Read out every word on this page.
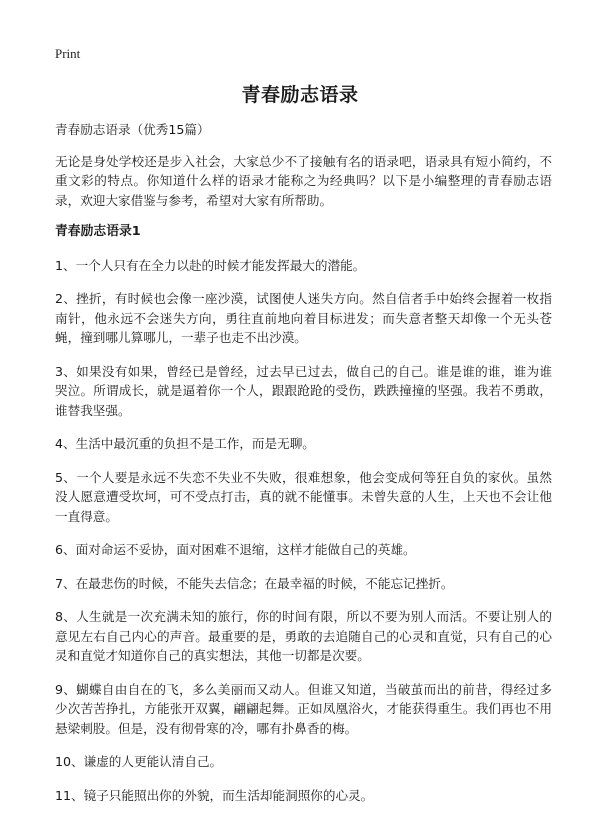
Print
青春励志语录

青春励志语录（优秀15篇）

无论是身处学校还是步入社会，大家总少不了接触有名的语录吧，语录具有短小简约，不重文彩的特点。你知道什么样的语录才能称之为经典吗？以下是小编整理的青春励志语录，欢迎大家借鉴与参考，希望对大家有所帮助。

青春励志语录1

1、一个人只有在全力以赴的时候才能发挥最大的潜能。
2、挫折，有时候也会像一座沙漠，试图使人迷失方向。然自信者手中始终会握着一枚指南针，他永远不会迷失方向，勇往直前地向着目标进发；而失意者整天却像一个无头苍蝇，撞到哪儿算哪儿，一辈子也走不出沙漠。
3、如果没有如果，曾经已是曾经，过去早已过去，做自己的自己。谁是谁的谁，谁为谁哭泣。所谓成长，就是逼着你一个人，跟跟跄跄的受伤，跌跌撞撞的坚强。我若不勇敢，谁替我坚强。
4、生活中最沉重的负担不是工作，而是无聊。
5、一个人要是永远不失恋不失业不失败，很难想象，他会变成何等狂自负的家伙。虽然没人愿意遭受坎坷，可不受点打击，真的就不能懂事。未曾失意的人生，上天也不会让他一直得意。
6、面对命运不妥协，面对困难不退缩，这样才能做自己的英雄。
7、在最悲伤的时候，不能失去信念；在最幸福的时候，不能忘记挫折。
8、人生就是一次充满未知的旅行，你的时间有限，所以不要为别人而活。不要让别人的意见左右自己内心的声音。最重要的是，勇敢的去追随自己的心灵和直觉，只有自己的心灵和直觉才知道你自己的真实想法，其他一切都是次要。
9、蝴蝶自由自在的飞，多么美丽而又动人。但谁又知道，当破茧而出的前昔，得经过多少次苦苦挣扎，方能张开双翼，翩翩起舞。正如凤凰浴火，才能获得重生。我们再也不用悬梁刺股。但是，没有彻骨寒的冷，哪有扑鼻香的梅。
10、谦虚的人更能认清自己。
11、镜子只能照出你的外貌，而生活却能洞照你的心灵。
